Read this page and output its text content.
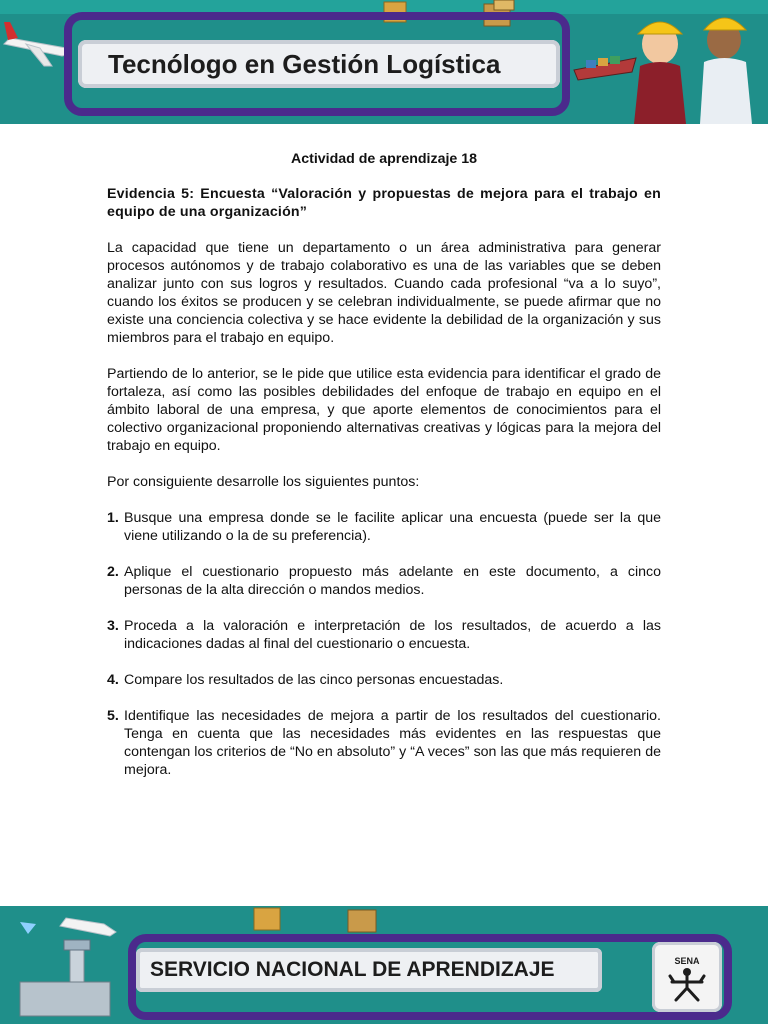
Tecnólogo en Gestión Logística

Actividad de aprendizaje 18

Evidencia 5: Encuesta “Valoración y propuestas de mejora para el trabajo en equipo de una organización”

La capacidad que tiene un departamento o un área administrativa para generar procesos autónomos y de trabajo colaborativo es una de las variables que se deben analizar junto con sus logros y resultados. Cuando cada profesional “va a lo suyo”, cuando los éxitos se producen y se celebran individualmente, se puede afirmar que no existe una conciencia colectiva y se hace evidente la debilidad de la organización y sus miembros para el trabajo en equipo.

Partiendo de lo anterior, se le pide que utilice esta evidencia para identificar el grado de fortaleza, así como las posibles debilidades del enfoque de trabajo en equipo en el ámbito laboral de una empresa, y que aporte elementos de conocimientos para el colectivo organizacional proponiendo alternativas creativas y lógicas para la mejora del trabajo en equipo.

Por consiguiente desarrolle los siguientes puntos:

1. Busque una empresa donde se le facilite aplicar una encuesta (puede ser la que viene utilizando o la de su preferencia).
2. Aplique el cuestionario propuesto más adelante en este documento, a cinco personas de la alta dirección o mandos medios.
3. Proceda a la valoración e interpretación de los resultados, de acuerdo a las indicaciones dadas al final del cuestionario o encuesta.
4. Compare los resultados de las cinco personas encuestadas.
5. Identifique las necesidades de mejora a partir de los resultados del cuestionario. Tenga en cuenta que las necesidades más evidentes en las respuestas que contengan los criterios de “No en absoluto” y “A veces” son las que más requieren de mejora.
SERVICIO NACIONAL DE APRENDIZAJE	SENA
